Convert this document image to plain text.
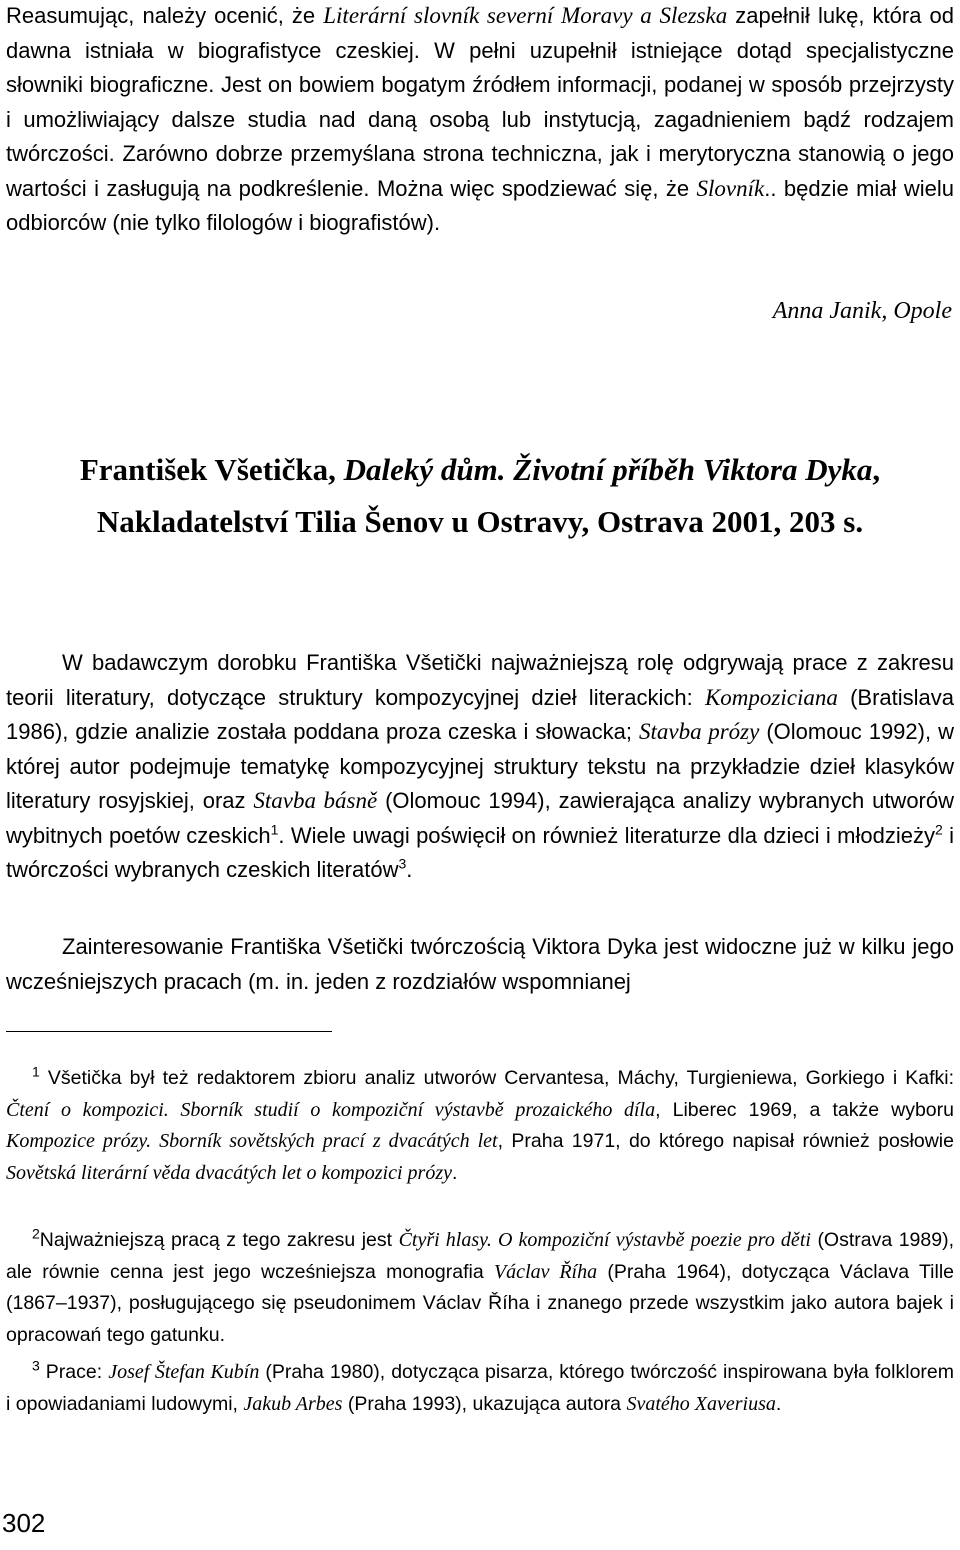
Reasumując, należy ocenić, że Literární slovník severní Moravy a Slezska zapełnił lukę, która od dawna istniała w biografistyce czeskiej. W pełni uzupełnił istniejące dotąd specjalistyczne słowniki biograficzne. Jest on bowiem bogatym źródłem informacji, podanej w sposób przejrzysty i umożliwiający dalsze studia nad daną osobą lub instytucją, zagadnieniem bądź rodzajem twórczości. Zarówno dobrze przemyślana strona techniczna, jak i merytoryczna stanowią o jego wartości i zasługują na podkreślenie. Można więc spodziewać się, że Slovník.. będzie miał wielu odbiorców (nie tylko filologów i biografistów).

Anna Janik, Opole

František Všetička, Daleký dům. Životní příběh Viktora Dyka, Nakladatelství Tilia Šenov u Ostravy, Ostrava 2001, 203 s.

W badawczym dorobku Františka Všetički najważniejszą rolę odgrywają prace z zakresu teorii literatury, dotyczące struktury kompozycyjnej dzieł literackich: Kompoziciana (Bratislava 1986), gdzie analizie została poddana proza czeska i słowacka; Stavba prózy (Olomouc 1992), w której autor podejmuje tematykę kompozycyjnej struktury tekstu na przykładzie dzieł klasyków literatury rosyjskiej, oraz Stavba básně (Olomouc 1994), zawierająca analizy wybranych utworów wybitnych poetów czeskich$^1$. Wiele uwagi poświęcił on również literaturze dla dzieci i młodzieży$^2$ i twórczości wybranych czeskich literatów$^3$.

Zainteresowanie Františka Všetički twórczością Viktora Dyka jest widoczne już w kilku jego wcześniejszych pracach (m. in. jeden z rozdziałów wspomnianej

$^1$ Všetička był też redaktorem zbioru analiz utworów Cervantesa, Máchy, Turgieniewa, Gorkiego i Kafki: Čtení o kompozici. Sborník studií o kompoziční výstavbě prozaického díla, Liberec 1969, a także wyboru Kompozice prózy. Sborník sovětských prací z dvacátých let, Praha 1971, do którego napisał również posłowie Sovětská literární věda dvacátých let o kompozici prózy.

$^2$Najważniejszą pracą z tego zakresu jest Čtyři hlasy. O kompoziční výstavbě poezie pro děti (Ostrava 1989), ale równie cenna jest jego wcześniejsza monografia Václav Říha (Praha 1964), dotycząca Václava Tille (1867–1937), posługującego się pseudonimem Václav Říha i znanego przede wszystkim jako autora bajek i opracowań tego gatunku.

$^3$ Prace: Josef Štefan Kubín (Praha 1980), dotycząca pisarza, którego twórczość inspirowana była folklorem i opowiadaniami ludowymi, Jakub Arbes (Praha 1993), ukazująca autora Svatého Xaveriusa.

302
